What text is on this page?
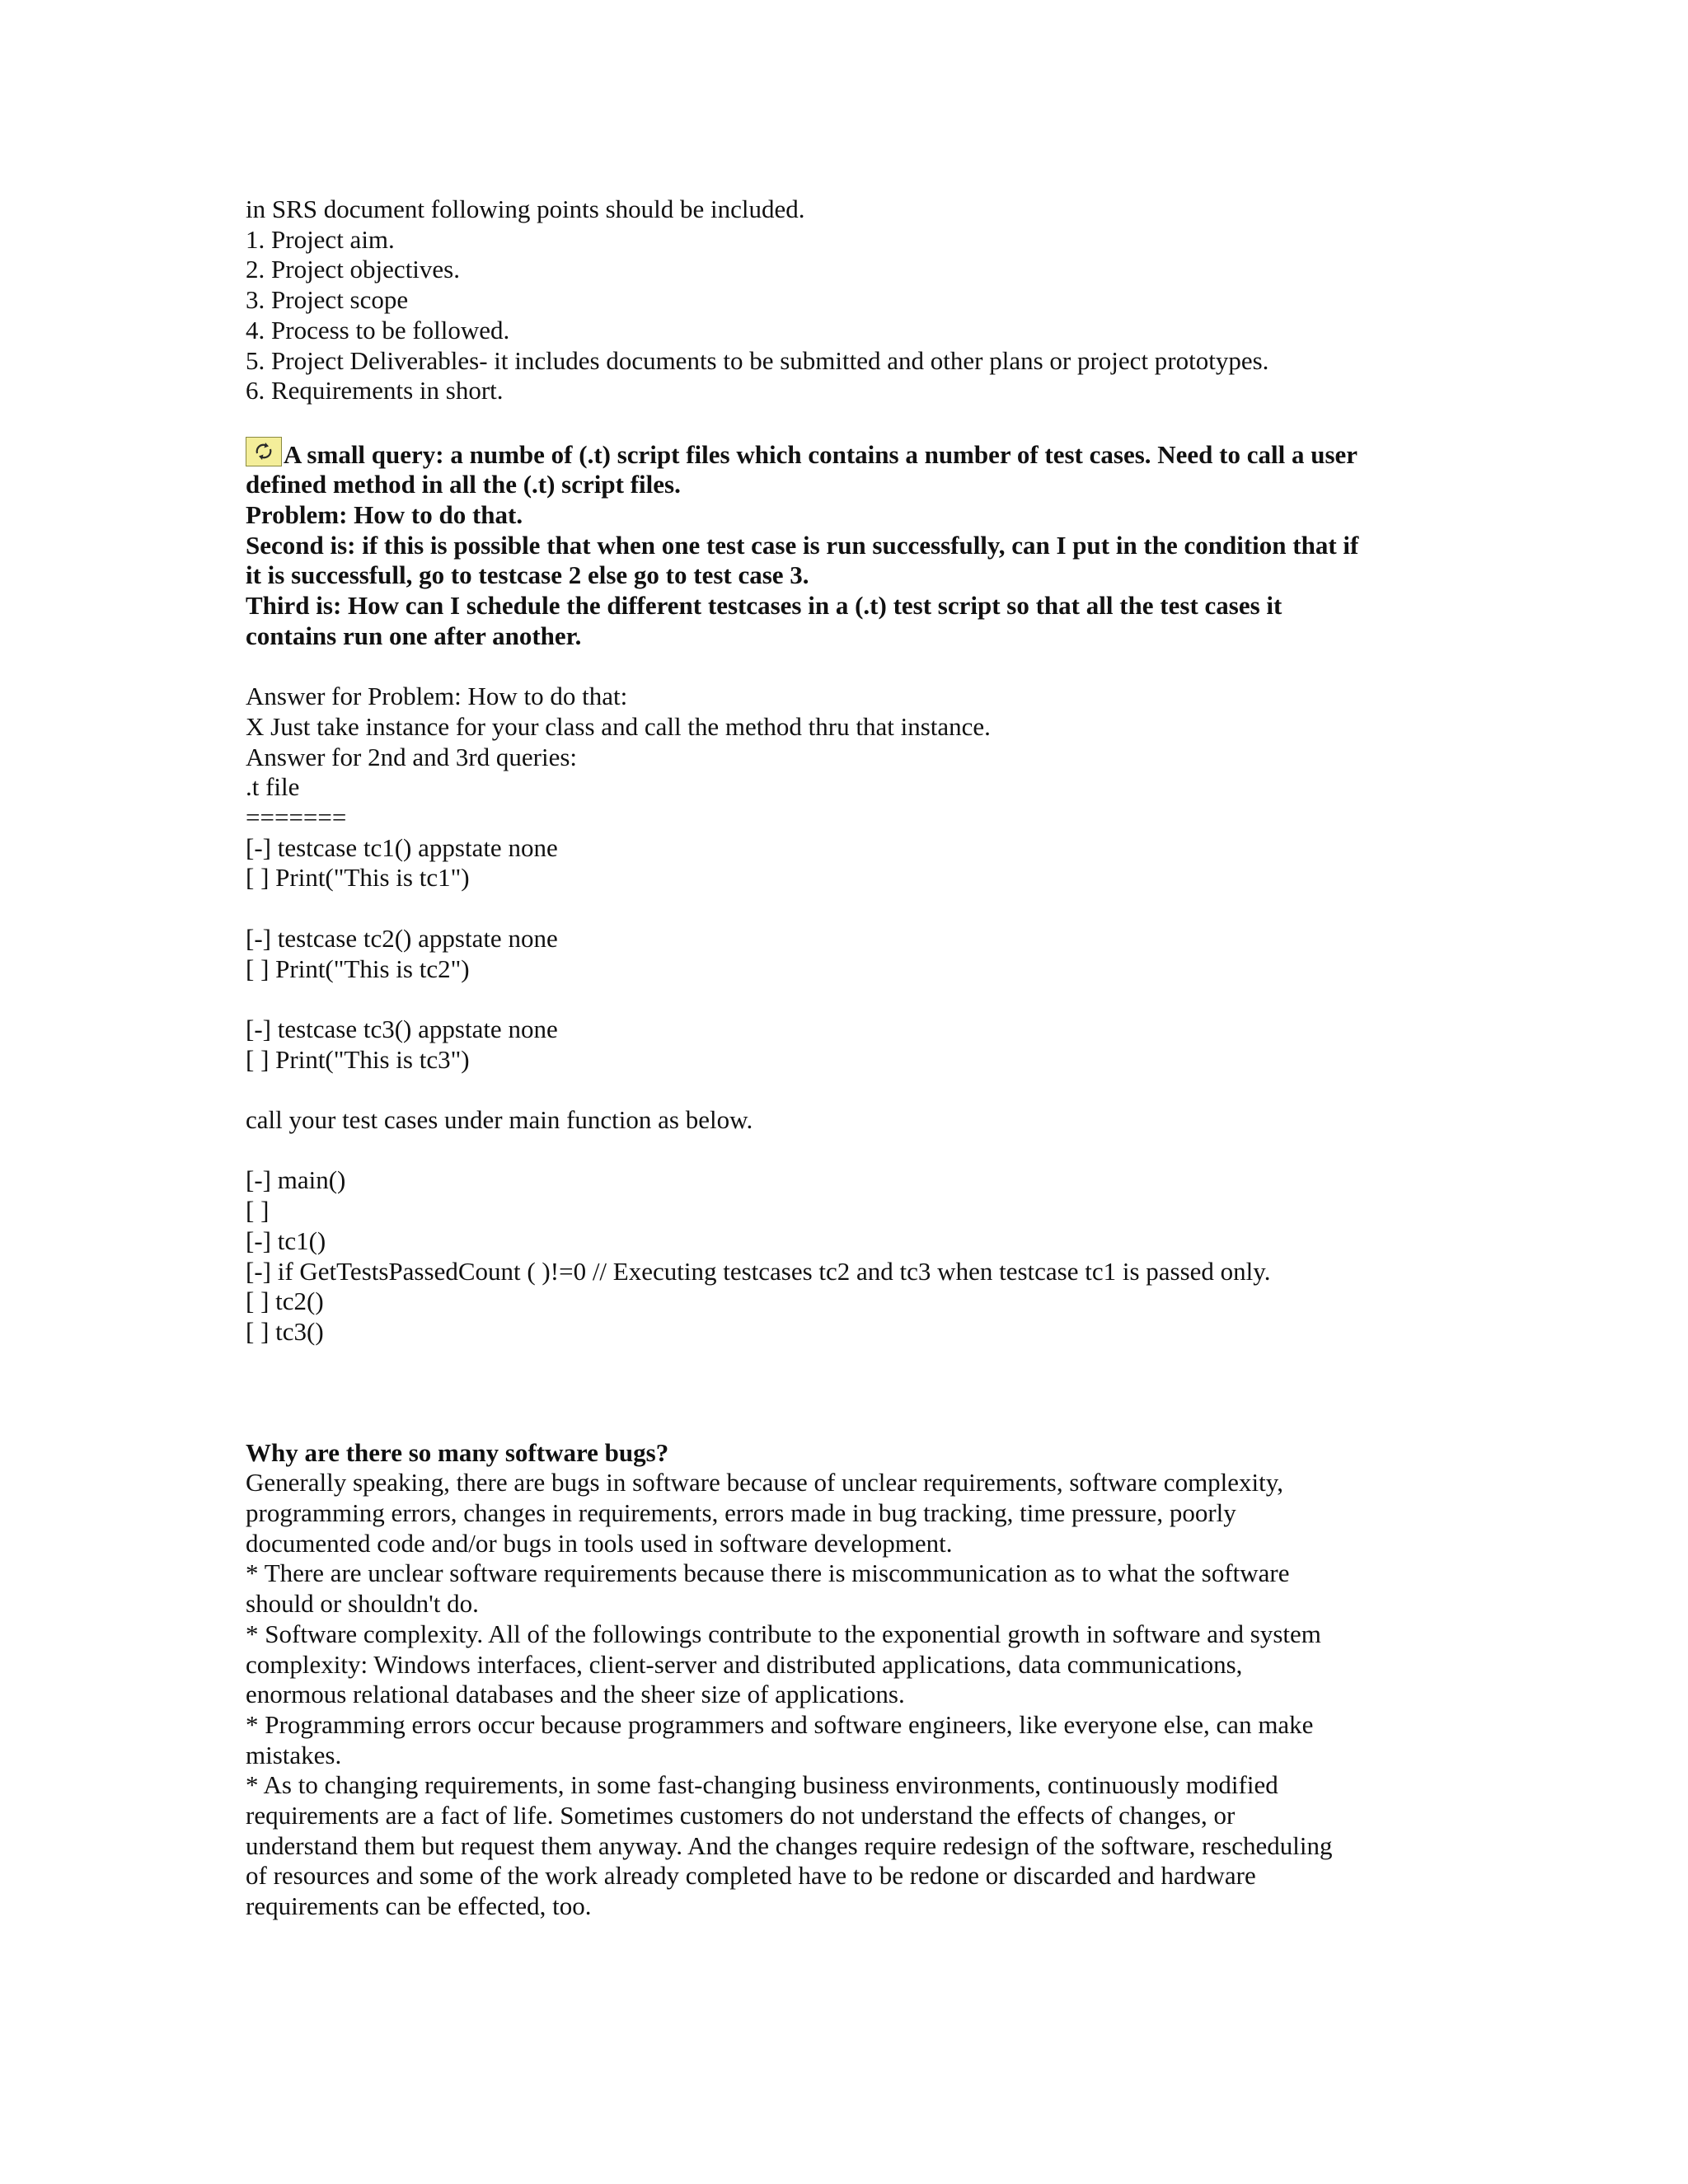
in SRS document following points should be included.
1. Project aim.
2. Project objectives.
3. Project scope
4. Process to be followed.
5. Project Deliverables- it includes documents to be submitted and other plans or project prototypes.
6. Requirements in short.
A small query: a numbe of (.t) script files which contains a number of test cases. Need to call a user
defined method in all the (.t) script files.
Problem: How to do that.
Second is: if this is possible that when one test case is run successfully, can I put in the condition that if
it is successfull, go to testcase 2 else go to test case 3.
Third is: How can I schedule the different testcases in a (.t) test script so that all the test cases it
contains run one after another.
Answer for Problem: How to do that:
X Just take instance for your class and call the method thru that instance.
Answer for 2nd and 3rd queries:
.t file
=======
[-] testcase tc1() appstate none
[ ] Print("This is tc1")
[-] testcase tc2() appstate none
[ ] Print("This is tc2")
[-] testcase tc3() appstate none
[ ] Print("This is tc3")
call your test cases under main function as below.
[-] main()
[ ]
[-] tc1()
[-] if GetTestsPassedCount ( )!=0 // Executing testcases tc2 and tc3 when testcase tc1 is passed only.
[ ] tc2()
[ ] tc3()
Why are there so many software bugs?
Generally speaking, there are bugs in software because of unclear requirements, software complexity,
programming errors, changes in requirements, errors made in bug tracking, time pressure, poorly
documented code and/or bugs in tools used in software development.
* There are unclear software requirements because there is miscommunication as to what the software
should or shouldn't do.
* Software complexity. All of the followings contribute to the exponential growth in software and system
complexity: Windows interfaces, client-server and distributed applications, data communications,
enormous relational databases and the sheer size of applications.
* Programming errors occur because programmers and software engineers, like everyone else, can make
mistakes.
* As to changing requirements, in some fast-changing business environments, continuously modified
requirements are a fact of life. Sometimes customers do not understand the effects of changes, or
understand them but request them anyway. And the changes require redesign of the software, rescheduling
of resources and some of the work already completed have to be redone or discarded and hardware
requirements can be effected, too.
